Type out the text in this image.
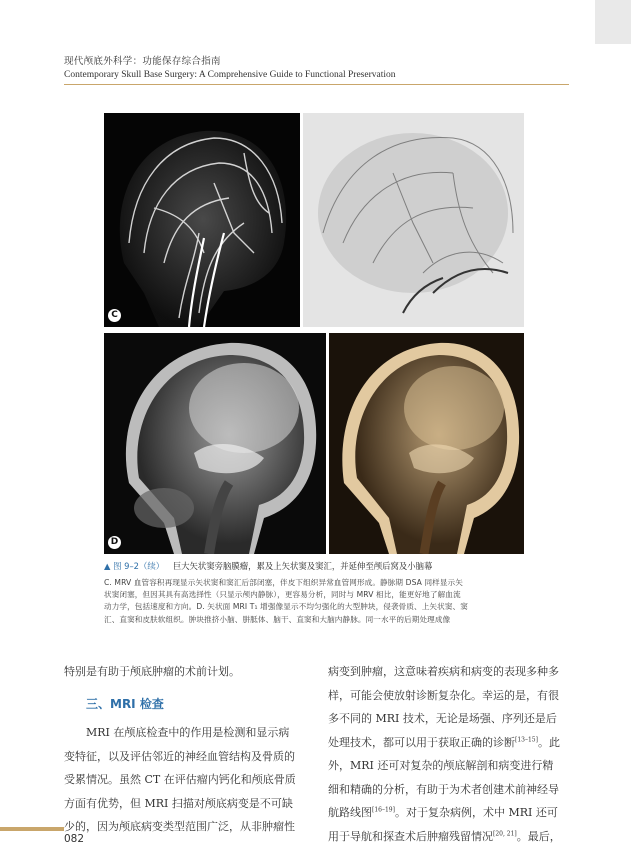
现代颅底外科学：功能保存综合指南
Contemporary Skull Base Surgery: A Comprehensive Guide to Functional Preservation
C
D
▲ 图 9–2（续） 巨大矢状窦旁脑膜瘤，累及上矢状窦及窦汇，并延伸至颅后窝及小脑幕
C. MRV 血管容积再现显示矢状窦和窦汇后部闭塞，伴皮下组织异常血管网形成。静脉期 DSA 同样显示矢
状窦闭塞，但因其具有高选择性（只显示颅内静脉），更容易分析，同时与 MRV 相比，能更好地了解血流
动力学，包括速度和方向。D. 矢状面 MRI T₁ 增强像显示不均匀强化的大型肿块，侵袭骨质、上矢状窦、窦
汇、直窦和皮肤软组织。肿块推挤小脑、胼胝体、脑干、直窦和大脑内静脉。同一水平的后期处理成像

特别是有助于颅底肿瘤的术前计划。

三、MRI 检查

MRI 在颅底检查中的作用是检测和显示病

变特征，以及评估邻近的神经血管结构及骨质的

受累情况。虽然 CT 在评估瘤内钙化和颅底骨质

方面有优势，但 MRI 扫描对颅底病变是不可缺

少的，因为颅底病变类型范围广泛，从非肿瘤性

病变到肿瘤，这意味着疾病和病变的表现多种多

样，可能会使放射诊断复杂化。幸运的是，有很

多不同的 MRI 技术，无论是场强、序列还是后

处理技术，都可以用于获取正确的诊断[13–15]。此

外，MRI 还可对复杂的颅底解剖和病变进行精

细和精确的分析，有助于为术者创建术前神经导

航路线图[16–19]。对于复杂病例，术中 MRI 还可

用于导航和探查术后肿瘤残留情况[20, 21]。最后，

082
